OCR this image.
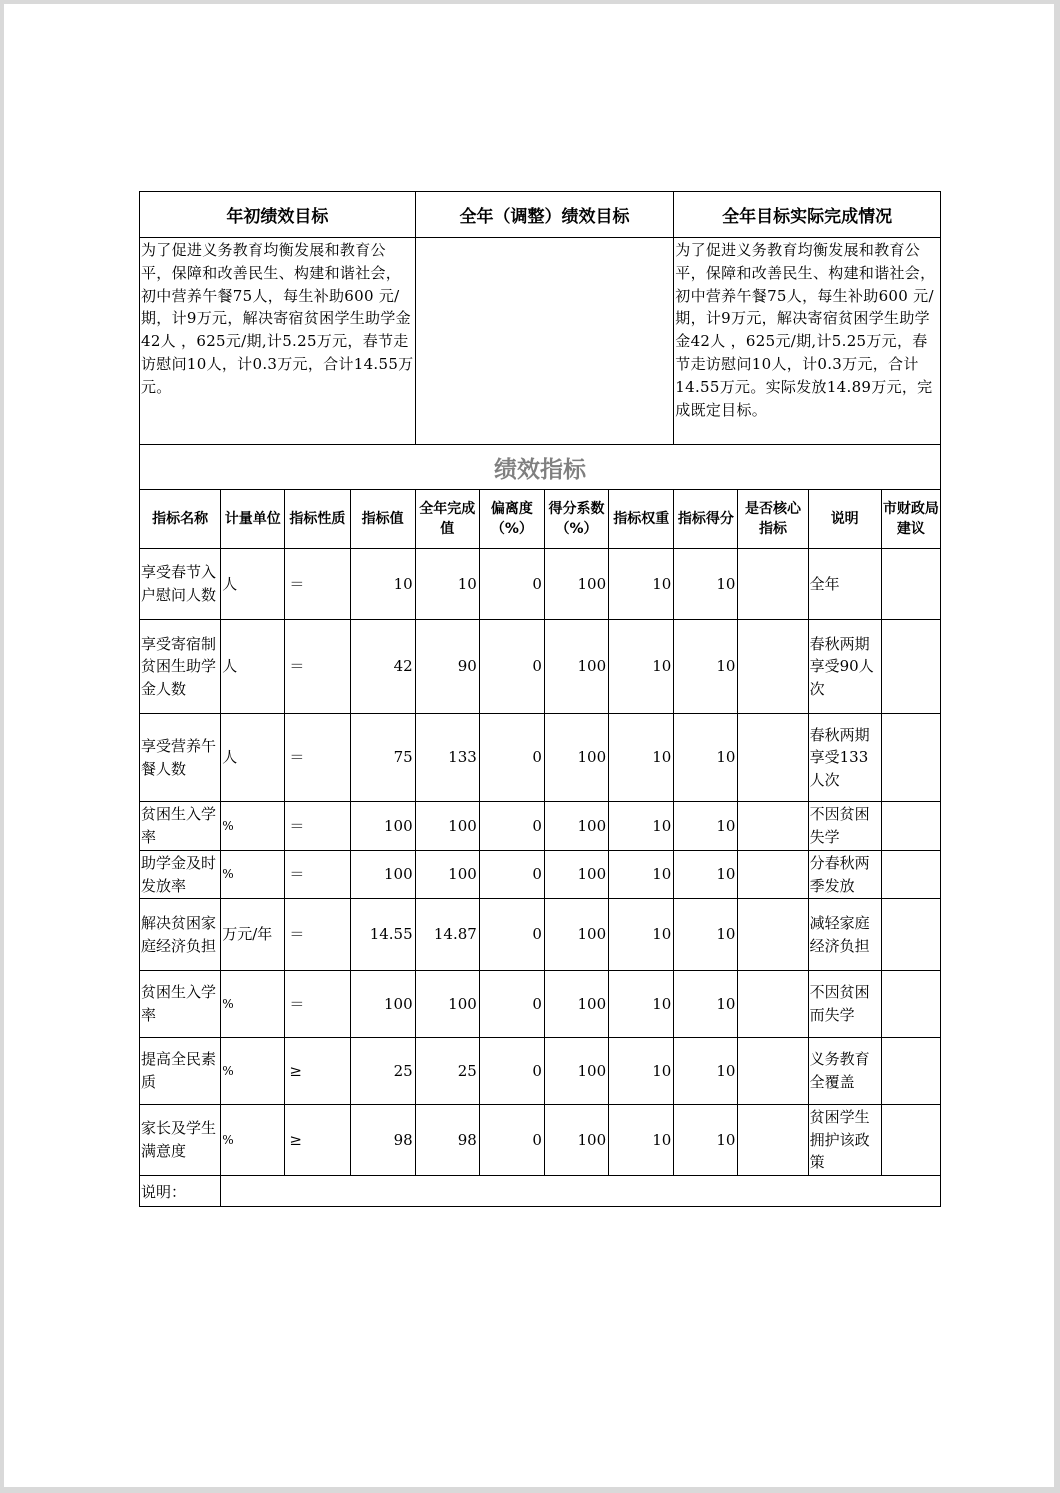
年初绩效目标				全年（调整）绩效目标				全年目标实际完成情况			
为了促进义务教育均衡发展和教育公平，保障和改善民生、构建和谐社会， 初中营养午餐75人，每生补助600 元/期，计9万元，解决寄宿贫困学生助学金42人 ，625元/期,计5.25万元，春节走访慰问10人，计0.3万元，合计14.55万元。								为了促进义务教育均衡发展和教育公平，保障和改善民生、构建和谐社会， 初中营养午餐75人，每生补助600 元/期，计9万元，解决寄宿贫困学生助学金42人 ，625元/期,计5.25万元，春节走访慰问10人，计0.3万元，合计14.55万元。实际发放14.89万元，完成既定目标。			
绩效指标											
指标名称	计量单位	指标性质	指标值	全年完成值	偏离度（%）	得分系数（%）	指标权重	指标得分	是否核心指标	说明	市财政局建议
享受春节入户慰问人数	人	＝	10	10	0	100	10	10		全年	
享受寄宿制贫困生助学金人数	人	＝	42	90	0	100	10	10		春秋两期享受90人次	
享受营养午餐人数	人	＝	75	133	0	100	10	10		春秋两期享受133人次	
贫困生入学率	%	＝	100	100	0	100	10	10		不因贫困失学	
助学金及时发放率	%	＝	100	100	0	100	10	10		分春秋两季发放	
解决贫困家庭经济负担	万元/年	＝	14.55	14.87	0	100	10	10		减轻家庭经济负担	
贫困生入学率	%	＝	100	100	0	100	10	10		不因贫困而失学	
提高全民素质	%	≥	25	25	0	100	10	10		义务教育全覆盖	
家长及学生满意度	%	≥	98	98	0	100	10	10		贫困学生拥护该政策	
说明：											
